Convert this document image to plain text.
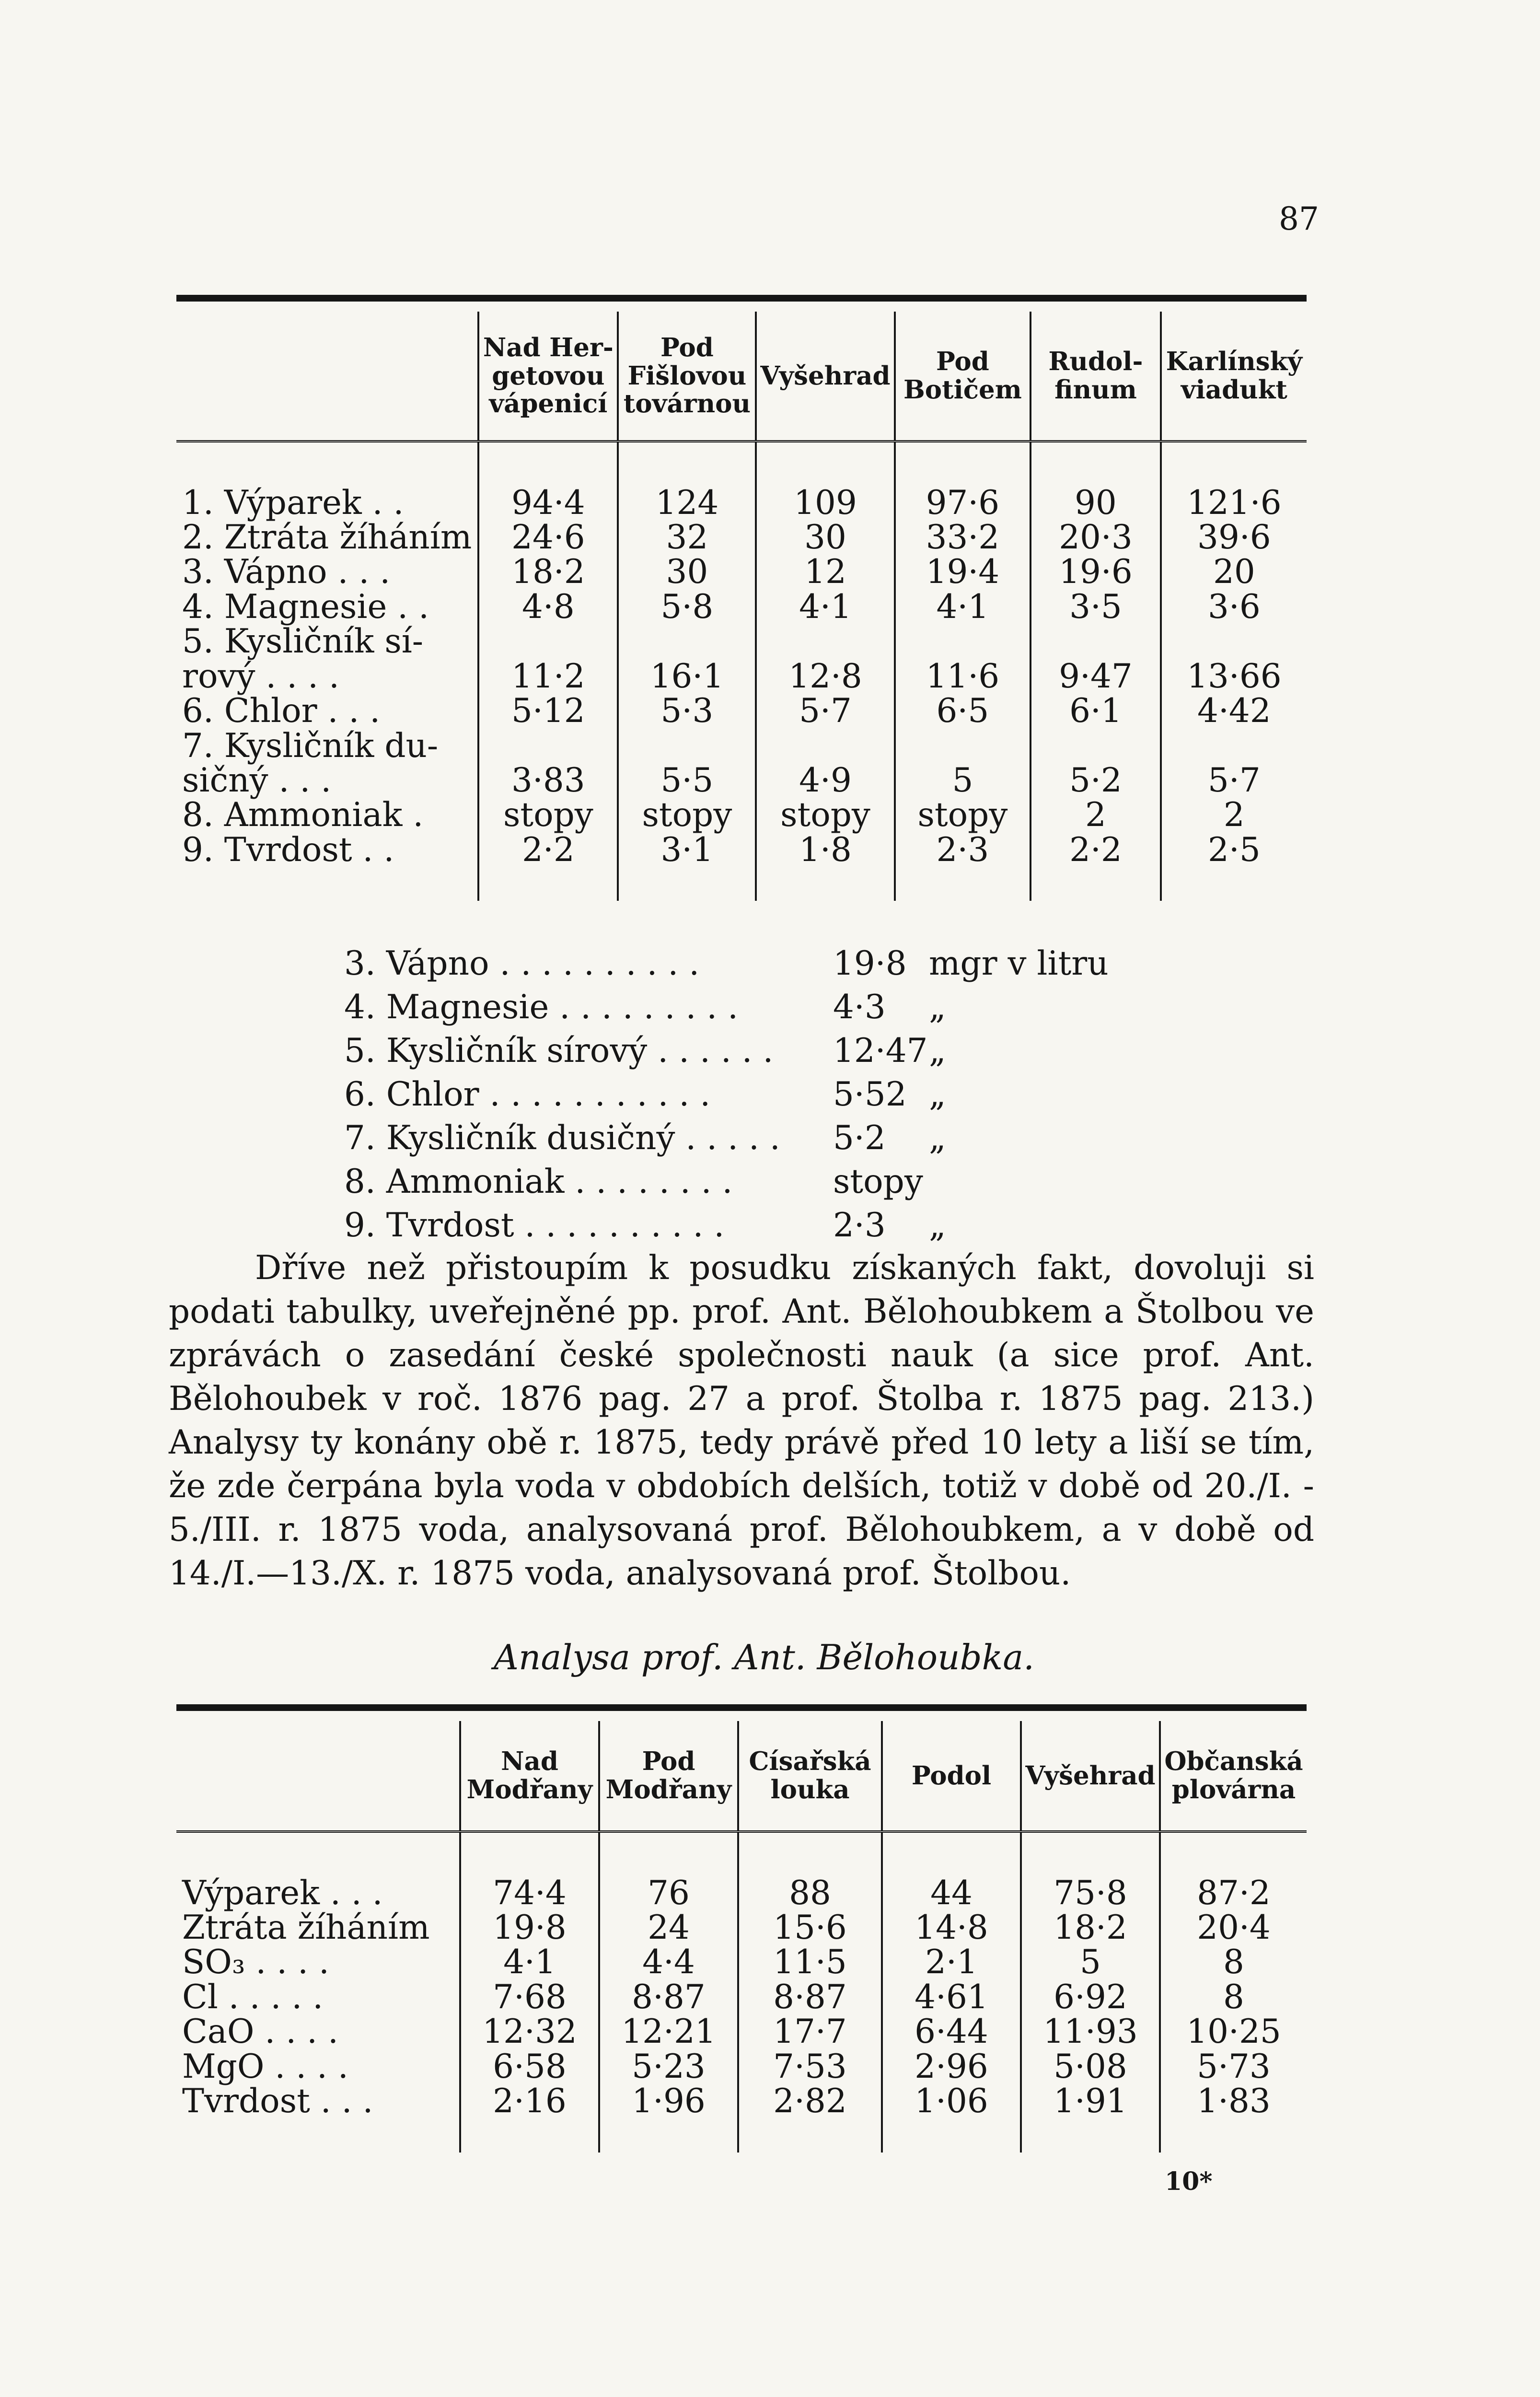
87
	Nad Her-getovou vápenicí	Pod Fišlovou továrnou	Vyšehrad	Pod Botičem	Rudol-finum	Karlínský viadukt

1. Výparek . .	94·4	124	109	97·6	90	121·6
2. Ztráta žíháním	24·6	32	30	33·2	20·3	39·6
3. Vápno . . .	18·2	30	12	19·4	19·6	20
4. Magnesie . .	4·8	5·8	4·1	4·1	3·5	3·6
5. Kysličník sí-						
rový . . . .	11·2	16·1	12·8	11·6	9·47	13·66
6. Chlor . . .	5·12	5·3	5·7	6·5	6·1	4·42
7. Kysličník du-						
sičný . . .	3·83	5·5	4·9	5	5·2	5·7
8. Ammoniak .	stopy	stopy	stopy	stopy	2	2
9. Tvrdost . .	2·2	3·1	1·8	2·3	2·2	2·5

3. Vápno . . . . . . . . . .	19·8 mgr v litru
4. Magnesie . . . . . . . . .	4·3	„
5. Kysličník sírový . . . . . .	12·47 „
6. Chlor . . . . . . . . . . .	5·52 „
7. Kysličník dusičný . . . . .	5·2	„
8. Ammoniak . . . . . . . .	stopy
9. Tvrdost . . . . . . . . . .	2·3	„
Dříve než přistoupím k posudku získaných fakt, dovoluji si podati tabulky, uveřejněné pp. prof. Ant. Bělohoubkem a Štolbou ve zprávách o zasedání české společnosti nauk (a sice prof. Ant. Bělohoubek v roč. 1876 pag. 27 a prof. Štolba r. 1875 pag. 213.) Analysy ty konány obě r. 1875, tedy právě před 10 lety a liší se tím, že zde čerpána byla voda v obdobích delších, totiž v době od 20./I. - 5./III. r. 1875 voda, analysovaná prof. Bělohoubkem, a v době od 14./I.—13./X. r. 1875 voda, analysovaná prof. Štolbou.
Analysa prof. Ant. Bělohoubka.
	Nad Modřany	Pod Modřany	Císařská louka	Podol	Vyšehrad	Občanská plovárna

Výparek . . .	74·4	76	88	44	75·8	87·2
Ztráta žíháním	19·8	24	15·6	14·8	18·2	20·4
SO₃ . . . .	4·1	4·4	11·5	2·1	5	8
Cl . . . . .	7·68	8·87	8·87	4·61	6·92	8
CaO . . . .	12·32	12·21	17·7	6·44	11·93	10·25
MgO . . . .	6·58	5·23	7·53	2·96	5·08	5·73
Tvrdost . . .	2·16	1·96	2·82	1·06	1·91	1·83

10*
